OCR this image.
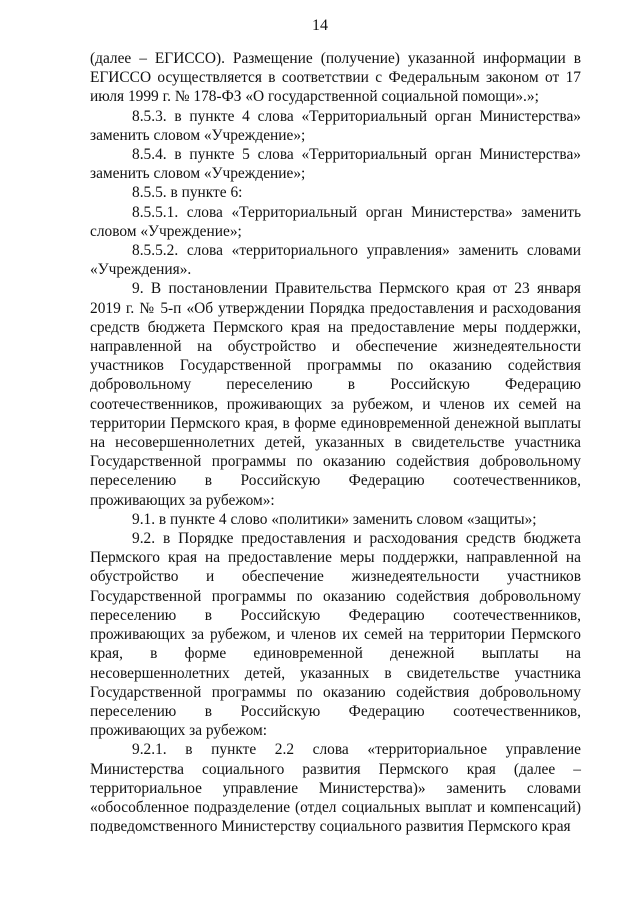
14

(далее – ЕГИССО). Размещение (получение) указанной информации в ЕГИССО осуществляется в соответствии с Федеральным законом от 17 июля 1999 г. № 178-ФЗ «О государственной социальной помощи».»;

8.5.3. в пункте 4 слова «Территориальный орган Министерства» заменить словом «Учреждение»;

8.5.4. в пункте 5 слова «Территориальный орган Министерства» заменить словом «Учреждение»;

8.5.5. в пункте 6:

8.5.5.1. слова «Территориальный орган Министерства» заменить словом «Учреждение»;

8.5.5.2. слова «территориального управления» заменить словами «Учреждения».

9. В постановлении Правительства Пермского края от 23 января 2019 г. № 5-п «Об утверждении Порядка предоставления и расходования средств бюджета Пермского края на предоставление меры поддержки, направленной на обустройство и обеспечение жизнедеятельности участников Государственной программы по оказанию содействия добровольному переселению в Российскую Федерацию соотечественников, проживающих за рубежом, и членов их семей на территории Пермского края, в форме единовременной денежной выплаты на несовершеннолетних детей, указанных в свидетельстве участника Государственной программы по оказанию содействия добровольному переселению в Российскую Федерацию соотечественников, проживающих за рубежом»:

9.1. в пункте 4 слово «политики» заменить словом «защиты»;

9.2. в Порядке предоставления и расходования средств бюджета Пермского края на предоставление меры поддержки, направленной на обустройство и обеспечение жизнедеятельности участников Государственной программы по оказанию содействия добровольному переселению в Российскую Федерацию соотечественников, проживающих за рубежом, и членов их семей на территории Пермского края, в форме единовременной денежной выплаты на несовершеннолетних детей, указанных в свидетельстве участника Государственной программы по оказанию содействия добровольному переселению в Российскую Федерацию соотечественников, проживающих за рубежом:

9.2.1. в пункте 2.2 слова «территориальное управление Министерства социального развития Пермского края (далее – территориальное управление Министерства)» заменить словами «обособленное подразделение (отдел социальных выплат и компенсаций) подведомственного Министерству социального развития Пермского края
